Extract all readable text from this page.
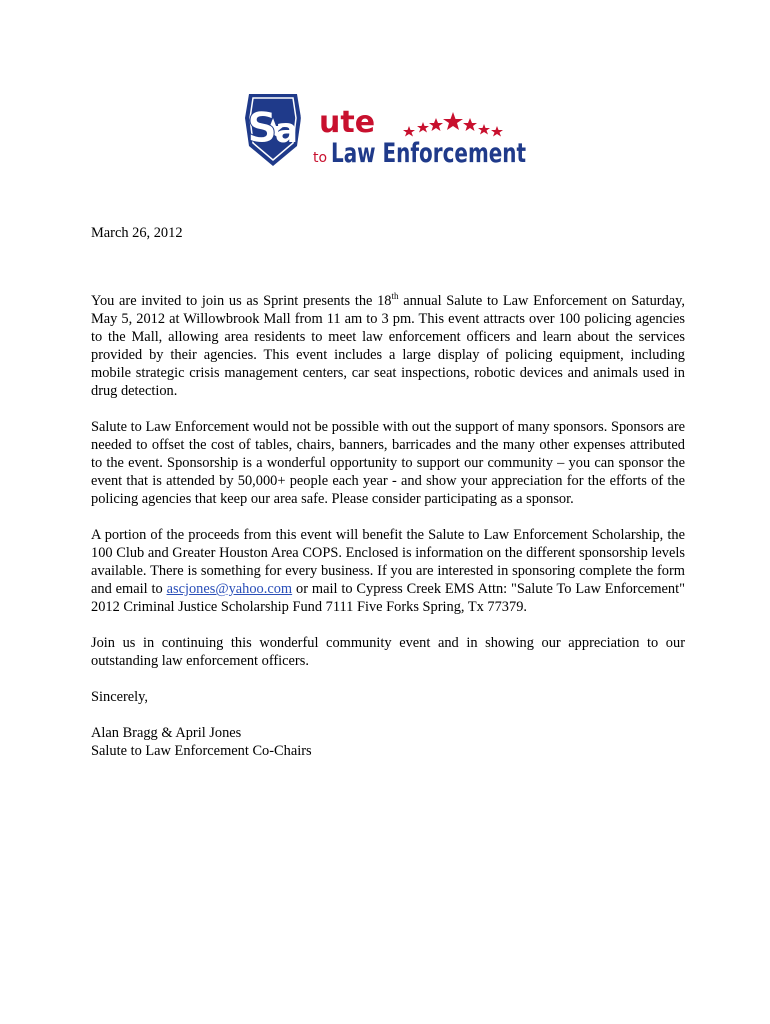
S
al ute
to Law Enforcement
March 26, 2012

You are invited to join us as Sprint presents the 18th annual Salute to Law Enforcement on Saturday, May 5, 2012 at Willowbrook Mall from 11 am to 3 pm. This event attracts over 100 policing agencies to the Mall, allowing area residents to meet law enforcement officers and learn about the services provided by their agencies. This event includes a large display of policing equipment, including mobile strategic crisis management centers, car seat inspections, robotic devices and animals used in drug detection.

Salute to Law Enforcement would not be possible with out the support of many sponsors. Sponsors are needed to offset the cost of tables, chairs, banners, barricades and the many other expenses attributed to the event. Sponsorship is a wonderful opportunity to support our community – you can sponsor the event that is attended by 50,000+ people each year - and show your appreciation for the efforts of the policing agencies that keep our area safe. Please consider participating as a sponsor.

A portion of the proceeds from this event will benefit the Salute to Law Enforcement Scholarship, the 100 Club and Greater Houston Area COPS. Enclosed is information on the different sponsorship levels available. There is something for every business. If you are interested in sponsoring complete the form and email to ascjones@yahoo.com or mail to Cypress Creek EMS Attn: "Salute To Law Enforcement" 2012 Criminal Justice Scholarship Fund 7111 Five Forks Spring, Tx 77379.

Join us in continuing this wonderful community event and in showing our appreciation to our outstanding law enforcement officers.

Sincerely,

Alan Bragg & April Jones

Salute to Law Enforcement Co-Chairs
